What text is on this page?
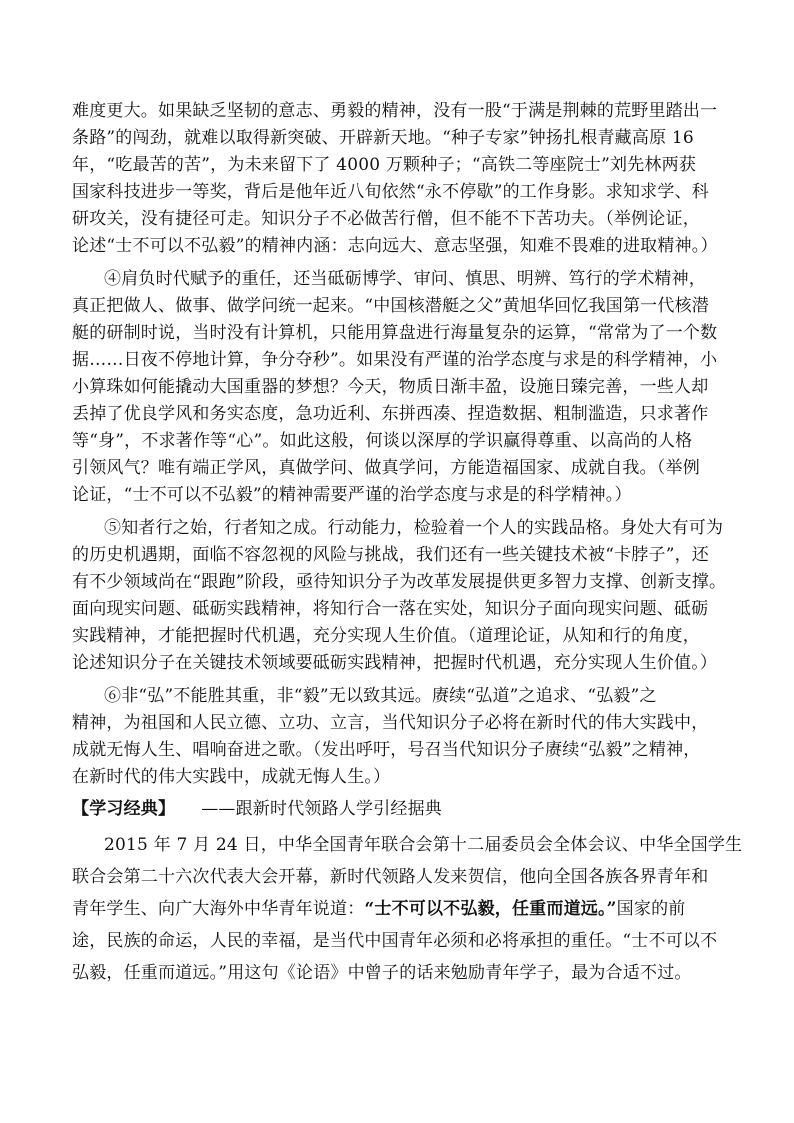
难度更大。如果缺乏坚韧的意志、勇毅的精神，没有一股“于满是荆棘的荒野里踏出一
条路”的闯劲，就难以取得新突破、开辟新天地。“种子专家”钟扬扎根青藏高原 16
年，“吃最苦的苦”，为未来留下了 4000 万颗种子；“高铁二等座院士”刘先林两获
国家科技进步一等奖，背后是他年近八旬依然“永不停歇”的工作身影。求知求学、科
研攻关，没有捷径可走。知识分子不必做苦行僧，但不能不下苦功夫。（举例论证，
论述“士不可以不弘毅”的精神内涵：志向远大、意志坚强，知难不畏难的进取精神。）
④肩负时代赋予的重任，还当砥砺博学、审问、慎思、明辨、笃行的学术精神，
真正把做人、做事、做学问统一起来。“中国核潜艇之父”黄旭华回忆我国第一代核潜
艇的研制时说，当时没有计算机，只能用算盘进行海量复杂的运算，“常常为了一个数
据……日夜不停地计算，争分夺秒”。如果没有严谨的治学态度与求是的科学精神，小
小算珠如何能撬动大国重器的梦想？今天，物质日渐丰盈，设施日臻完善，一些人却
丢掉了优良学风和务实态度，急功近利、东拼西凑、捏造数据、粗制滥造，只求著作
等“身”，不求著作等“心”。如此这般，何谈以深厚的学识赢得尊重、以高尚的人格
引领风气？唯有端正学风，真做学问、做真学问，方能造福国家、成就自我。（举例
论证，“士不可以不弘毅”的精神需要严谨的治学态度与求是的科学精神。）
⑤知者行之始，行者知之成。行动能力，检验着一个人的实践品格。身处大有可为
的历史机遇期，面临不容忽视的风险与挑战，我们还有一些关键技术被“卡脖子”，还
有不少领域尚在“跟跑”阶段，亟待知识分子为改革发展提供更多智力支撑、创新支撑。
面向现实问题、砥砺实践精神，将知行合一落在实处，知识分子面向现实问题、砥砺
实践精神，才能把握时代机遇，充分实现人生价值。（道理论证，从知和行的角度，
论述知识分子在关键技术领域要砥砺实践精神，把握时代机遇，充分实现人生价值。）
⑥非“弘”不能胜其重，非“毅”无以致其远。赓续“弘道”之追求、“弘毅”之
精神，为祖国和人民立德、立功、立言，当代知识分子必将在新时代的伟大实践中，
成就无悔人生、唱响奋进之歌。（发出呼吁，号召当代知识分子赓续“弘毅”之精神，
在新时代的伟大实践中，成就无悔人生。）
【学习经典】 ——跟新时代领路人学引经据典
2015 年 7 月 24 日，中华全国青年联合会第十二届委员会全体会议、中华全国学生
联合会第二十六次代表大会开幕，新时代领路人发来贺信，他向全国各族各界青年和
青年学生、向广大海外中华青年说道：“士不可以不弘毅，任重而道远。”国家的前
途，民族的命运，人民的幸福，是当代中国青年必须和必将承担的重任。“士不可以不
弘毅，任重而道远。”用这句《论语》中曾子的话来勉励青年学子，最为合适不过。
